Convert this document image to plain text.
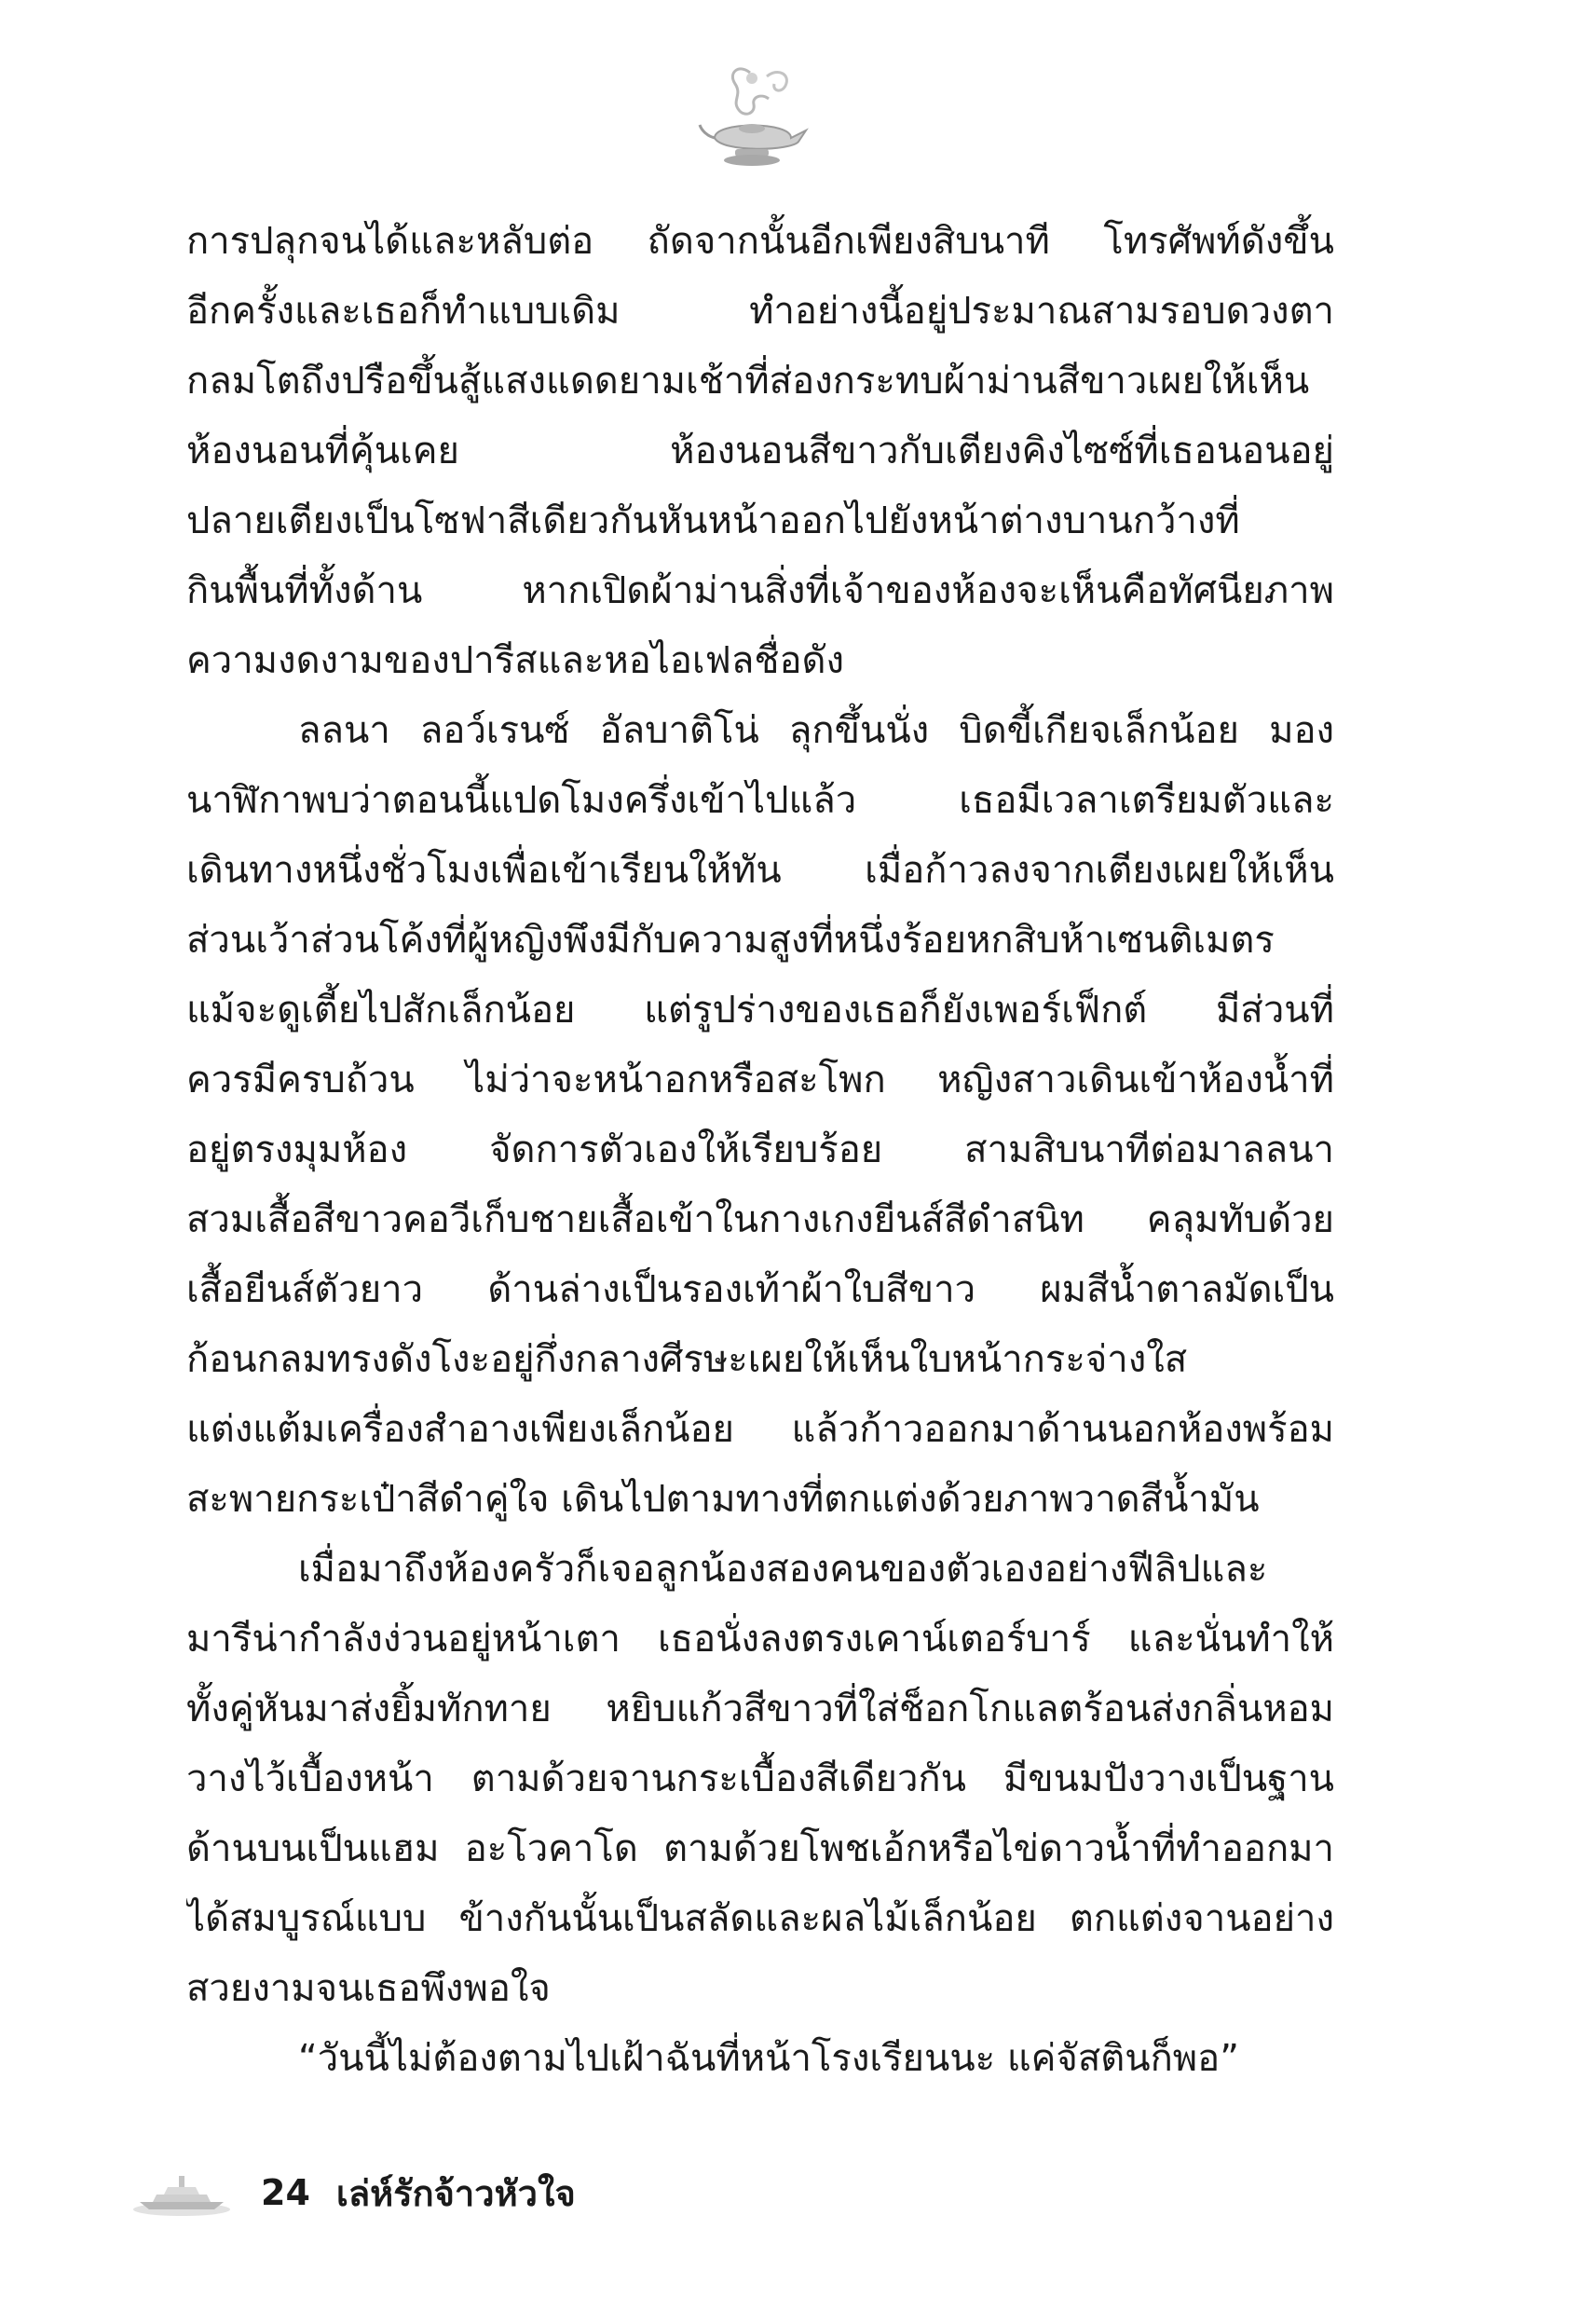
การปลุกจนได้และหลับต่อ ถัดจากนั้นอีกเพียงสิบนาที โทรศัพท์ดังขึ้น
อีกครั้งและเธอก็ทำแบบเดิม ทำอย่างนี้อยู่ประมาณสามรอบดวงตา
กลมโตถึงปรือขึ้นสู้แสงแดดยามเช้าที่ส่องกระทบผ้าม่านสีขาวเผยให้เห็น
ห้องนอนที่คุ้นเคย ห้องนอนสีขาวกับเตียงคิงไซซ์ที่เธอนอนอยู่
ปลายเตียงเป็นโซฟาสีเดียวกันหันหน้าออกไปยังหน้าต่างบานกว้างที่
กินพื้นที่ทั้งด้าน หากเปิดผ้าม่านสิ่งที่เจ้าของห้องจะเห็นคือทัศนียภาพ
ความงดงามของปารีสและหอไอเฟลชื่อดัง
ลลนา ลอว์เรนซ์ อัลบาติโน่ ลุกขึ้นนั่ง บิดขี้เกียจเล็กน้อย มอง
นาฬิกาพบว่าตอนนี้แปดโมงครึ่งเข้าไปแล้ว เธอมีเวลาเตรียมตัวและ
เดินทางหนึ่งชั่วโมงเพื่อเข้าเรียนให้ทัน เมื่อก้าวลงจากเตียงเผยให้เห็น
ส่วนเว้าส่วนโค้งที่ผู้หญิงพึงมีกับความสูงที่หนึ่งร้อยหกสิบห้าเซนติเมตร
แม้จะดูเตี้ยไปสักเล็กน้อย แต่รูปร่างของเธอก็ยังเพอร์เฟ็กต์ มีส่วนที่
ควรมีครบถ้วน ไม่ว่าจะหน้าอกหรือสะโพก หญิงสาวเดินเข้าห้องน้ำที่
อยู่ตรงมุมห้อง จัดการตัวเองให้เรียบร้อย สามสิบนาทีต่อมาลลนา
สวมเสื้อสีขาวคอวีเก็บชายเสื้อเข้าในกางเกงยีนส์สีดำสนิท คลุมทับด้วย
เสื้อยีนส์ตัวยาว ด้านล่างเป็นรองเท้าผ้าใบสีขาว ผมสีน้ำตาลมัดเป็น
ก้อนกลมทรงดังโงะอยู่กึ่งกลางศีรษะเผยให้เห็นใบหน้ากระจ่างใส
แต่งแต้มเครื่องสำอางเพียงเล็กน้อย แล้วก้าวออกมาด้านนอกห้องพร้อม
สะพายกระเป๋าสีดำคู่ใจ เดินไปตามทางที่ตกแต่งด้วยภาพวาดสีน้ำมัน
เมื่อมาถึงห้องครัวก็เจอลูกน้องสองคนของตัวเองอย่างฟีลิปและ
มารีน่ากำลังง่วนอยู่หน้าเตา เธอนั่งลงตรงเคาน์เตอร์บาร์ และนั่นทำให้
ทั้งคู่หันมาส่งยิ้มทักทาย หยิบแก้วสีขาวที่ใส่ช็อกโกแลตร้อนส่งกลิ่นหอม
วางไว้เบื้องหน้า ตามด้วยจานกระเบื้องสีเดียวกัน มีขนมปังวางเป็นฐาน
ด้านบนเป็นแฮม อะโวคาโด ตามด้วยโพชเอ้กหรือไข่ดาวน้ำที่ทำออกมา
ได้สมบูรณ์แบบ ข้างกันนั้นเป็นสลัดและผลไม้เล็กน้อย ตกแต่งจานอย่าง
สวยงามจนเธอพึงพอใจ
“วันนี้ไม่ต้องตามไปเฝ้าฉันที่หน้าโรงเรียนนะ แค่จัสตินก็พอ”
24 เล่ห์รักจ้าวหัวใจ
